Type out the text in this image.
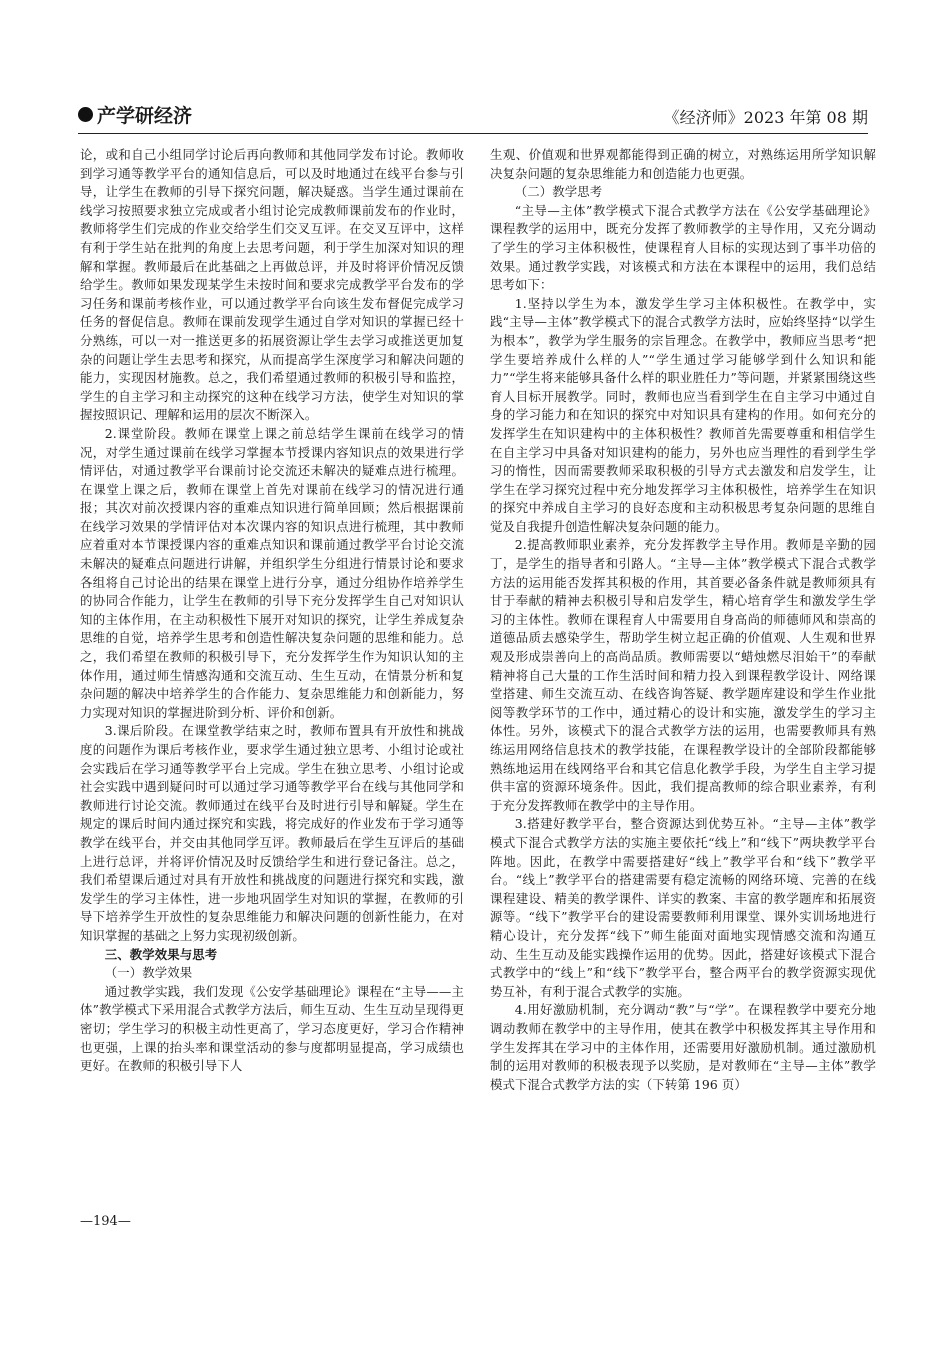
产学研经济	《经济师》2023 年第 08 期

论，或和自己小组同学讨论后再向教师和其他同学发布讨论。教师收到学习通等教学平台的通知信息后，可以及时地通过在线平台参与引导，让学生在教师的引导下探究问题，解决疑惑。当学生通过课前在线学习按照要求独立完成或者小组讨论完成教师课前发布的作业时，教师将学生们完成的作业交给学生们交叉互评。在交叉互评中，这样有利于学生站在批判的角度上去思考问题，利于学生加深对知识的理解和掌握。教师最后在此基础之上再做总评，并及时将评价情况反馈给学生。教师如果发现某学生未按时间和要求完成教学平台发布的学习任务和课前考核作业，可以通过教学平台向该生发布督促完成学习任务的督促信息。教师在课前发现学生通过自学对知识的掌握已经十分熟练，可以一对一推送更多的拓展资源让学生去学习或推送更加复杂的问题让学生去思考和探究，从而提高学生深度学习和解决问题的能力，实现因材施教。总之，我们希望通过教师的积极引导和监控，学生的自主学习和主动探究的这种在线学习方法，使学生对知识的掌握按照识记、理解和运用的层次不断深入。

2.课堂阶段。教师在课堂上课之前总结学生课前在线学习的情况，对学生通过课前在线学习掌握本节授课内容知识点的效果进行学情评估，对通过教学平台课前讨论交流还未解决的疑难点进行梳理。在课堂上课之后，教师在课堂上首先对课前在线学习的情况进行通报；其次对前次授课内容的重难点知识进行简单回顾；然后根据课前在线学习效果的学情评估对本次课内容的知识点进行梳理，其中教师应着重对本节课授课内容的重难点知识和课前通过教学平台讨论交流未解决的疑难点问题进行讲解，并组织学生分组进行情景讨论和要求各组将自己讨论出的结果在课堂上进行分享，通过分组协作培养学生的协同合作能力，让学生在教师的引导下充分发挥学生自己对知识认知的主体作用，在主动积极性下展开对知识的探究，让学生养成复杂思维的自觉，培养学生思考和创造性解决复杂问题的思维和能力。总之，我们希望在教师的积极引导下，充分发挥学生作为知识认知的主体作用，通过师生情感沟通和交流互动、生生互动，在情景分析和复杂问题的解决中培养学生的合作能力、复杂思维能力和创新能力，努力实现对知识的掌握进阶到分析、评价和创新。

3.课后阶段。在课堂教学结束之时，教师布置具有开放性和挑战度的问题作为课后考核作业，要求学生通过独立思考、小组讨论或社会实践后在学习通等教学平台上完成。学生在独立思考、小组讨论或社会实践中遇到疑问时可以通过学习通等教学平台在线与其他同学和教师进行讨论交流。教师通过在线平台及时进行引导和解疑。学生在规定的课后时间内通过探究和实践，将完成好的作业发布于学习通等教学在线平台，并交由其他同学互评。教师最后在学生互评后的基础上进行总评，并将评价情况及时反馈给学生和进行登记备注。总之，我们希望课后通过对具有开放性和挑战度的问题进行探究和实践，激发学生的学习主体性，进一步地巩固学生对知识的掌握，在教师的引导下培养学生开放性的复杂思维能力和解决问题的创新性能力，在对知识掌握的基础之上努力实现初级创新。

三、教学效果与思考

（一）教学效果

通过教学实践，我们发现《公安学基础理论》课程在“主导——主体”教学模式下采用混合式教学方法后，师生互动、生生互动呈现得更密切；学生学习的积极主动性更高了，学习态度更好，学习合作精神也更强，上课的抬头率和课堂活动的参与度都明显提高，学习成绩也更好。在教师的积极引导下人

生观、价值观和世界观都能得到正确的树立，对熟练运用所学知识解决复杂问题的复杂思维能力和创造能力也更强。

（二）教学思考

“主导—主体”教学模式下混合式教学方法在《公安学基础理论》课程教学的运用中，既充分发挥了教师教学的主导作用，又充分调动了学生的学习主体积极性，使课程育人目标的实现达到了事半功倍的效果。通过教学实践，对该模式和方法在本课程中的运用，我们总结思考如下：

1.坚持以学生为本，激发学生学习主体积极性。在教学中，实践“主导—主体”教学模式下的混合式教学方法时，应始终坚持“以学生为根本”，教学为学生服务的宗旨理念。在教学中，教师应当思考“把学生要培养成什么样的人”“学生通过学习能够学到什么知识和能力”“学生将来能够具备什么样的职业胜任力”等问题，并紧紧围绕这些育人目标开展教学。同时，教师也应当看到学生在自主学习中通过自身的学习能力和在知识的探究中对知识具有建构的作用。如何充分的发挥学生在知识建构中的主体积极性？教师首先需要尊重和相信学生在自主学习中具备对知识建构的能力，另外也应当理性的看到学生学习的惰性，因而需要教师采取积极的引导方式去激发和启发学生，让学生在学习探究过程中充分地发挥学习主体积极性，培养学生在知识的探究中养成自主学习的良好态度和主动积极思考复杂问题的思维自觉及自我提升创造性解决复杂问题的能力。

2.提高教师职业素养，充分发挥教学主导作用。教师是辛勤的园丁，是学生的指导者和引路人。“主导—主体”教学模式下混合式教学方法的运用能否发挥其积极的作用，其首要必备条件就是教师须具有甘于奉献的精神去积极引导和启发学生，精心培育学生和激发学生学习的主体性。教师在课程育人中需要用自身高尚的师德师风和崇高的道德品质去感染学生，帮助学生树立起正确的价值观、人生观和世界观及形成崇善向上的高尚品质。教师需要以“蜡烛燃尽泪始干”的奉献精神将自己大量的工作生活时间和精力投入到课程教学设计、网络课堂搭建、师生交流互动、在线咨询答疑、教学题库建设和学生作业批阅等教学环节的工作中，通过精心的设计和实施，激发学生的学习主体性。另外，该模式下的混合式教学方法的运用，也需要教师具有熟练运用网络信息技术的教学技能，在课程教学设计的全部阶段都能够熟练地运用在线网络平台和其它信息化教学手段，为学生自主学习提供丰富的资源环境条件。因此，我们提高教师的综合职业素养，有利于充分发挥教师在教学中的主导作用。

3.搭建好教学平台，整合资源达到优势互补。“主导—主体”教学模式下混合式教学方法的实施主要依托“线上”和“线下”两块教学平台阵地。因此，在教学中需要搭建好“线上”教学平台和“线下”教学平台。“线上”教学平台的搭建需要有稳定流畅的网络环境、完善的在线课程建设、精美的教学课件、详实的教案、丰富的教学题库和拓展资源等。“线下”教学平台的建设需要教师利用课堂、课外实训场地进行精心设计，充分发挥“线下”师生能面对面地实现情感交流和沟通互动、生生互动及能实践操作运用的优势。因此，搭建好该模式下混合式教学中的“线上”和“线下”教学平台，整合两平台的教学资源实现优势互补，有利于混合式教学的实施。

4.用好激励机制，充分调动“教”与“学”。在课程教学中要充分地调动教师在教学中的主导作用，使其在教学中积极发挥其主导作用和学生发挥其在学习中的主体作用，还需要用好激励机制。通过激励机制的运用对教师的积极表现予以奖励，是对教师在“主导—主体”教学模式下混合式教学方法的实（下转第 196 页）

—194—
